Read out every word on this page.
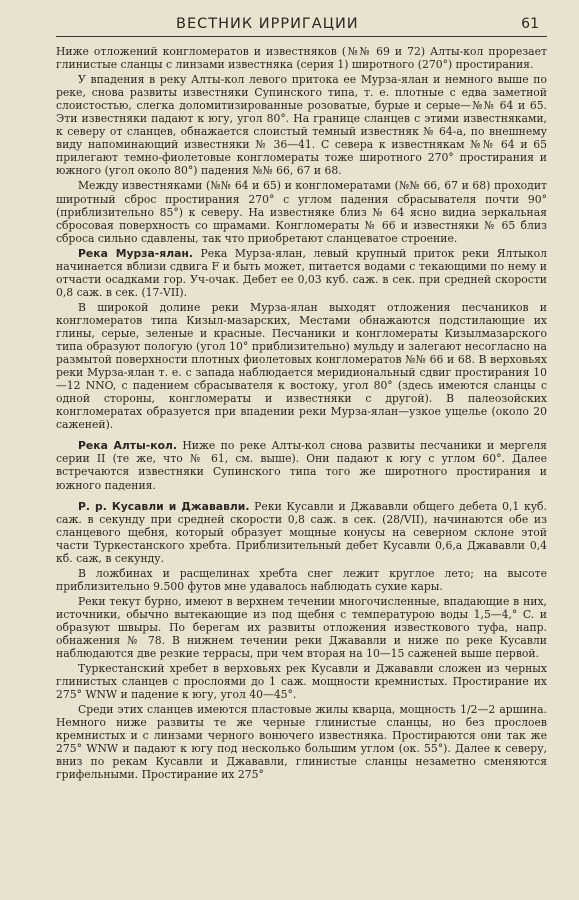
ВЕСТНИК ИРРИГАЦИИ	61

Ниже отложений конгломератов и известняков (№№ 69 и 72) Алты-кол прорезает глинистые сланцы с линзами известняка (серия 1) широтного (270°) простирания.

У впадения в реку Алты-кол левого притока ее Мурза-ялан и немного выше по реке, снова развиты известняки Супинского типа, т. е. плотные с едва заметной слоистостью, слегка доломитизированные розоватые, бурые и серые—№№ 64 и 65. Эти известняки падают к югу, угол 80°. На границе сланцев с этими известняками, к северу от сланцев, обнажается слоистый темный известняк № 64-а, по внешнему виду напоминающий известняки № 36—41. С севера к известнякам №№ 64 и 65 прилегают темно-фиолетовые конгломераты тоже широтного 270° простирания и южного (угол около 80°) падения №№ 66, 67 и 68.

Между известняками (№№ 64 и 65) и конгломератами (№№ 66, 67 и 68) проходит широтный сброс простирания 270° с углом падения сбрасывателя почти 90° (приблизительно 85°) к северу. На известняке близ № 64 ясно видна зеркальная сбросовая поверхность со шрамами. Конгломераты № 66 и известняки № 65 близ сброса сильно сдавлены, так что приобретают сланцеватое строение.

Река Мурза-ялан. Река Мурза-ялан, левый крупный приток реки Ялтыкол начинается вблизи сдвига F и быть может, питается водами с текающими по нему и отчасти осадками гор. Уч-очак. Дебет ее 0,03 куб. саж. в сек. при средней скорости 0,8 саж. в сек. (17-VII).

В широкой долине реки Мурза-ялан выходят отложения песчаников и конгломератов типа Кизыл-мазарских, Местами обнажаются подстилающие их глины, серые, зеленые и красные. Песчаники и конгломераты Кизылмазарского типа образуют пологую (угол 10° приблизительно) мульду и залегают несогласно на размытой поверхности плотных фиолетовых конгломератов №№ 66 и 68. В верховьях реки Мурза-ялан т. е. с запада наблюдается меридиональный сдвиг простирания 10—12 NNO, с падением сбрасывателя к востоку, угол 80° (здесь имеются сланцы с одной стороны, конгломераты и известняки с другой). В палеозойских конгломератах образуется при впадении реки Мурза-ялан—узкое ущелье (около 20 саженей).

Река Алты-кол. Ниже по реке Алты-кол снова развиты песчаники и мергеля серии II (те же, что № 61, см. выше). Они падают к югу с углом 60°. Далее встречаются известняки Супинского типа того же широтного простирания и южного падения.

Р. р. Кусавли и Джававли. Реки Кусавли и Джававли общего дебета 0,1 куб. саж. в секунду при средней скорости 0,8 саж. в сек. (28/VII), начинаются обе из сланцевого щебня, который образует мощные конусы на северном склоне этой части Туркестанского хребта. Приблизительный дебет Кусавли 0,6,а Джававли 0,4 кб. саж, в секунду.

В ложбинах и расщелинах хребта снег лежит круглое лето; на высоте приблизительно 9.500 футов мне удавалось наблюдать сухие кары.

Реки текут бурно, имеют в верхнем течении многочисленные, впадающие в них, источники, обычно вытекающие из под щебня с температурою воды 1,5—4,° C. и образуют швыры. По берегам их развиты отложения известкового туфа, напр. обнажения № 78. В нижнем течении реки Джававли и ниже по реке Кусавли наблюдаются две резкие террасы, при чем вторая на 10—15 саженей выше первой.

Туркестанский хребет в верховьях рек Кусавли и Джававли сложен из черных глинистых сланцев с прослоями до 1 саж. мощности кремнистых. Простирание их 275° WNW и падение к югу, угол 40—45°.

Среди этих сланцев имеются пластовые жилы кварца, мощность 1/2—2 аршина. Немного ниже развиты те же черные глинистые сланцы, но без прослоев кремнистых и с линзами черного вонючего известняка. Простираются они так же 275° WNW и падают к югу под несколько большим углом (ок. 55°). Далее к северу, вниз по рекам Кусавли и Джававли, глинистые сланцы незаметно сменяются грифельными. Простирание их 275°
